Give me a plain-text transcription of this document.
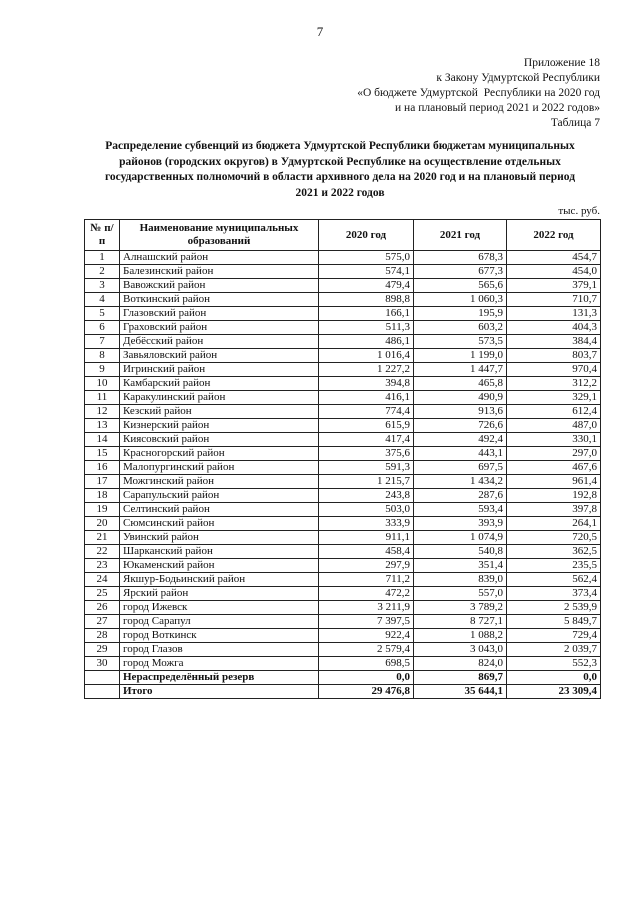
7
Приложение 18
к Закону Удмуртской Республики
«О бюджете Удмуртской  Республики на 2020 год
и на плановый период 2021 и 2022 годов»
Таблица 7
Распределение субвенций из бюджета Удмуртской Республики бюджетам муниципальных
районов (городских округов) в Удмуртской Республике на осуществление отдельных
государственных полномочий в области архивного дела на 2020 год и на плановый период
2021 и 2022 годов
тыс. руб.
№ п/п	Наименование муниципальных образований	2020 год	2021 год	2022 год
1	Алнашский район	575,0	678,3	454,7
2	Балезинский район	574,1	677,3	454,0
3	Вавожский район	479,4	565,6	379,1
4	Воткинский район	898,8	1 060,3	710,7
5	Глазовский район	166,1	195,9	131,3
6	Граховский район	511,3	603,2	404,3
7	Дебёсский район	486,1	573,5	384,4
8	Завьяловский район	1 016,4	1 199,0	803,7
9	Игринский район	1 227,2	1 447,7	970,4
10	Камбарский район	394,8	465,8	312,2
11	Каракулинский район	416,1	490,9	329,1
12	Кезский район	774,4	913,6	612,4
13	Кизнерский район	615,9	726,6	487,0
14	Киясовский район	417,4	492,4	330,1
15	Красногорский район	375,6	443,1	297,0
16	Малопургинский район	591,3	697,5	467,6
17	Можгинский район	1 215,7	1 434,2	961,4
18	Сарапульский район	243,8	287,6	192,8
19	Селтинский район	503,0	593,4	397,8
20	Сюмсинский район	333,9	393,9	264,1
21	Увинский район	911,1	1 074,9	720,5
22	Шарканский район	458,4	540,8	362,5
23	Юкаменский район	297,9	351,4	235,5
24	Якшур-Бодьинский район	711,2	839,0	562,4
25	Ярский район	472,2	557,0	373,4
26	город Ижевск	3 211,9	3 789,2	2 539,9
27	город Сарапул	7 397,5	8 727,1	5 849,7
28	город Воткинск	922,4	1 088,2	729,4
29	город Глазов	2 579,4	3 043,0	2 039,7
30	город Можга	698,5	824,0	552,3
	Нераспределённый резерв	0,0	869,7	0,0
	Итого	29 476,8	35 644,1	23 309,4
